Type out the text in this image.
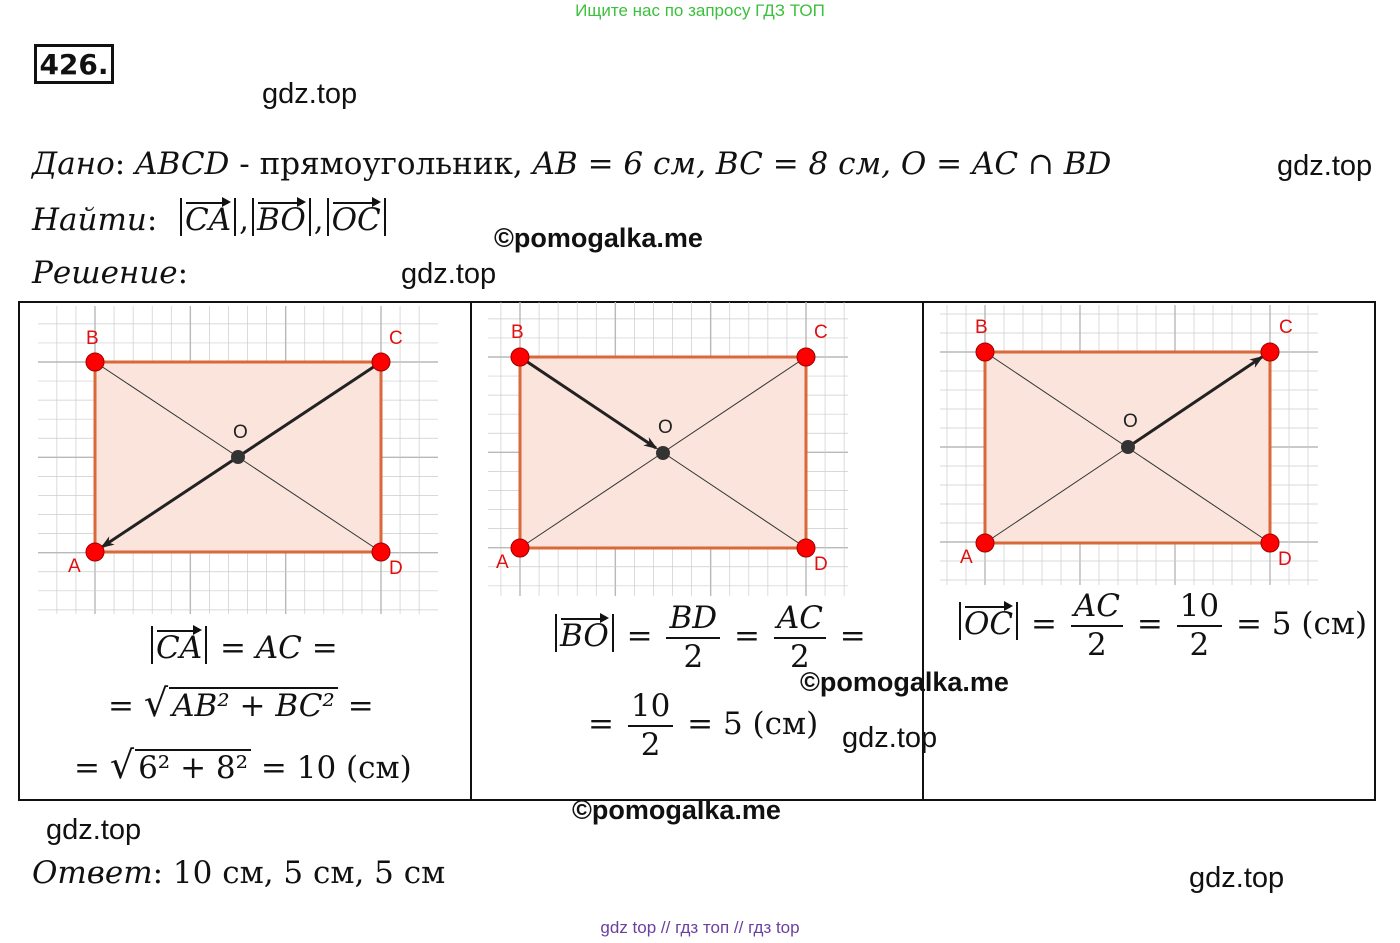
Ищите нас по запросу ГДЗ ТОП
426.
gdz.top
Дано: ABCD - прямоугольник, AB = 6 см, BC = 8 см, O = AC ∩ BD	gdz.top
Найти: CA , BO , OC	©pomogalka.me
Решение:	gdz.top
B	C
A	D
O
B	C
A	D
O
B	C
A	D
O
CA = AC =
= √ AB² + BC² =
= √ 6² + 8² = 10 (см)
BO = $\frac{BD}{2} = \frac{AC}{2}$ =
= $\frac{10}{2} = 5$ (см)
OC = $\frac{AC}{2} = \frac{10}{2} = 5$ (см)
©pomogalka.me
gdz.top
©pomogalka.me
gdz.top
Ответ: 10 см, 5 см, 5 см	gdz.top
gdz top // гдз топ // гдз top
